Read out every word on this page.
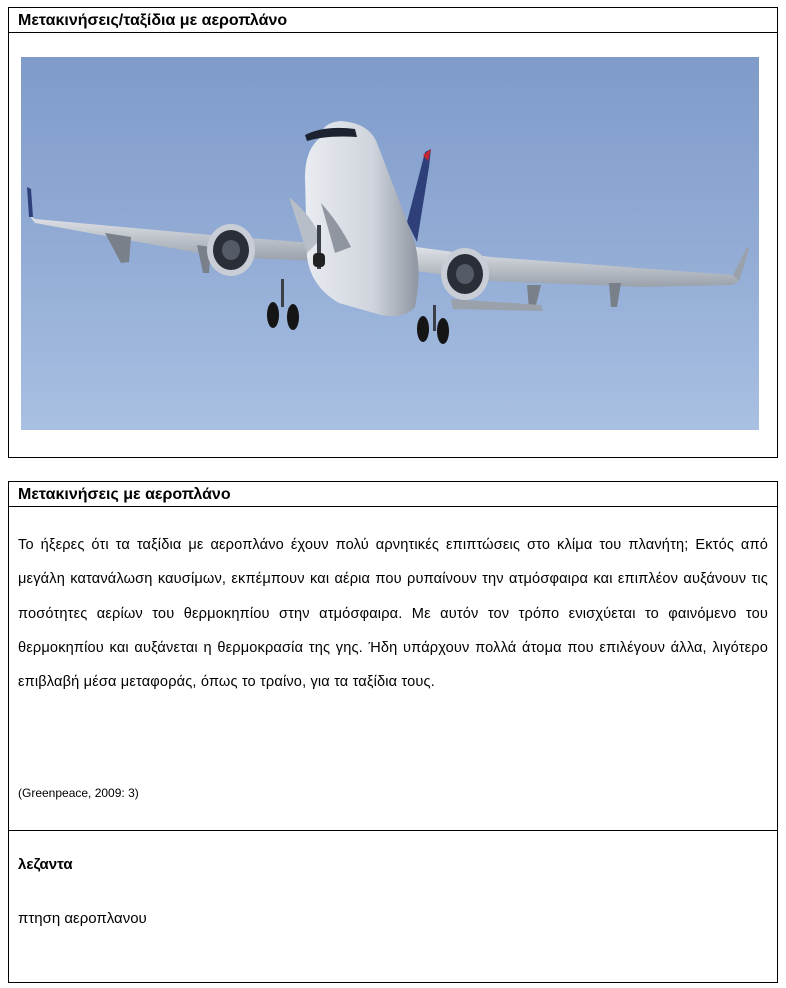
Μετακινήσεις/ταξίδια με αεροπλάνο
Μετακινήσεις με αεροπλάνο
Το ήξερες ότι τα ταξίδια με αεροπλάνο έχουν πολύ αρνητικές επιπτώσεις στο κλίμα του πλανήτη; Εκτός από μεγάλη κατανάλωση καυσίμων, εκπέμπουν και αέρια που ρυπαίνουν την ατμόσφαιρα και επιπλέον αυξάνουν τις ποσότητες αερίων του θερμοκηπίου στην ατμόσφαιρα. Με αυτόν τον τρόπο ενισχύεται το φαινόμενο του θερμοκηπίου και αυξάνεται η θερμοκρασία της γης. Ήδη υπάρχουν πολλά άτομα που επιλέγουν άλλα, λιγότερο επιβλαβή μέσα μεταφοράς, όπως το τραίνο, για τα ταξίδια τους.
(Greenpeace, 2009: 3)
λεζαντα
πτηση αεροπλανου
